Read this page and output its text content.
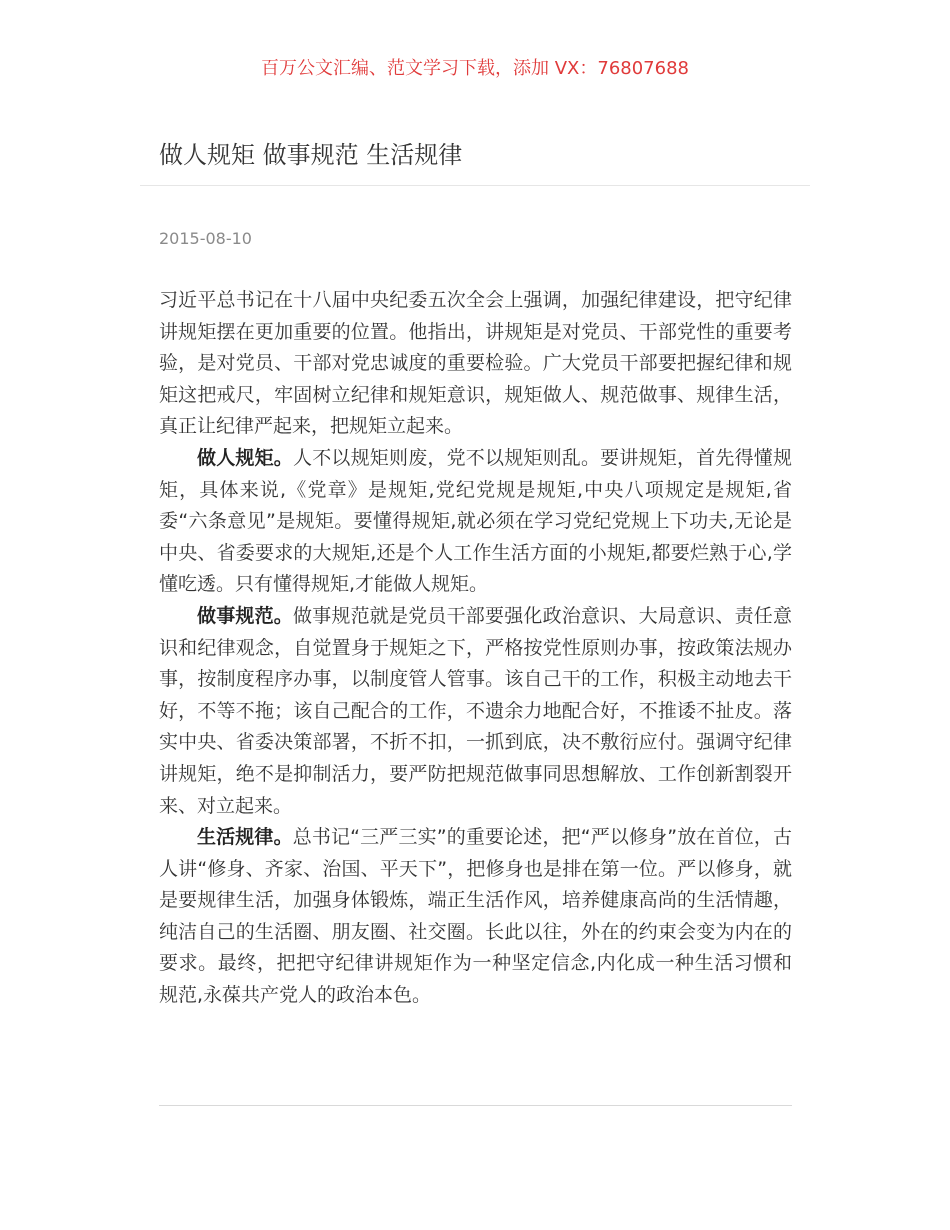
百万公文汇编、范文学习下载，添加 VX：76807688
做人规矩 做事规范 生活规律
2015-08-10

习近平总书记在十八届中央纪委五次全会上强调，加强纪律建设，把守纪律讲规矩摆在更加重要的位置。他指出，讲规矩是对党员、干部党性的重要考验，是对党员、干部对党忠诚度的重要检验。广大党员干部要把握纪律和规矩这把戒尺，牢固树立纪律和规矩意识，规矩做人、规范做事、规律生活，真正让纪律严起来，把规矩立起来。

做人规矩。人不以规矩则废，党不以规矩则乱。要讲规矩，首先得懂规矩，具体来说,《党章》是规矩,党纪党规是规矩,中央八项规定是规矩,省委“六条意见”是规矩。要懂得规矩,就必须在学习党纪党规上下功夫,无论是中央、省委要求的大规矩,还是个人工作生活方面的小规矩,都要烂熟于心,学懂吃透。只有懂得规矩,才能做人规矩。

做事规范。做事规范就是党员干部要强化政治意识、大局意识、责任意识和纪律观念，自觉置身于规矩之下，严格按党性原则办事，按政策法规办事，按制度程序办事，以制度管人管事。该自己干的工作，积极主动地去干好，不等不拖；该自己配合的工作，不遗余力地配合好，不推诿不扯皮。落实中央、省委决策部署，不折不扣，一抓到底，决不敷衍应付。强调守纪律讲规矩，绝不是抑制活力，要严防把规范做事同思想解放、工作创新割裂开来、对立起来。

生活规律。总书记“三严三实”的重要论述，把“严以修身”放在首位，古人讲“修身、齐家、治国、平天下”，把修身也是排在第一位。严以修身，就是要规律生活，加强身体锻炼，端正生活作风，培养健康高尚的生活情趣，纯洁自己的生活圈、朋友圈、社交圈。长此以往，外在的约束会变为内在的要求。最终，把把守纪律讲规矩作为一种坚定信念,内化成一种生活习惯和规范,永葆共产党人的政治本色。
